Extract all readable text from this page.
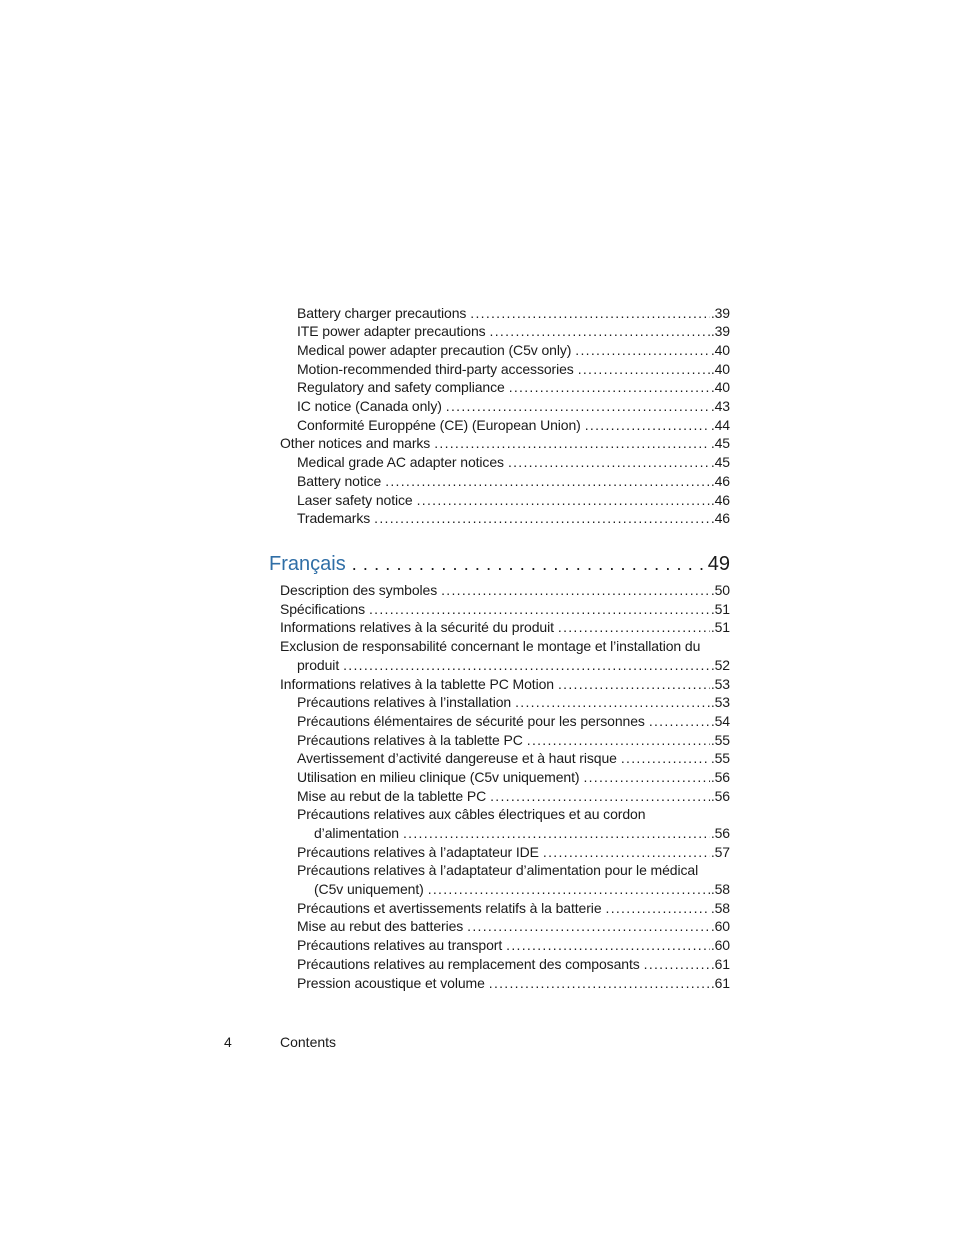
Battery charger precautions . . .	.39
ITE power adapter precautions . . .	.39
Medical power adapter precaution (C5v only) . . .	.40
Motion-recommended third-party accessories . . .	.40
Regulatory and safety compliance . . .	.40
IC notice (Canada only) . . .	.43
Conformité Europpéne (CE) (European Union) . . .	.44
Other notices and marks . . .	.45
Medical grade AC adapter notices . . .	.45
Battery notice . . .	.46
Laser safety notice . . .	.46
Trademarks . . .	.46
Français . . .	49
Description des symboles . . .	.50
Spécifications . . .	.51
Informations relatives à la sécurité du produit . . .	.51
Exclusion de responsabilité concernant le montage et l’installation du
produit . . .	.52
Informations relatives à la tablette PC Motion . . .	.53
Précautions relatives à l’installation . . .	.53
Précautions élémentaires de sécurité pour les personnes . . .	.54
Précautions relatives à la tablette PC . . .	.55
Avertissement d’activité dangereuse et à haut risque . . .	.55
Utilisation en milieu clinique (C5v uniquement) . . .	.56
Mise au rebut de la tablette PC . . .	.56
Précautions relatives aux câbles électriques et au cordon
d’alimentation . . .	.56
Précautions relatives à l’adaptateur IDE . . .	.57
Précautions relatives à l’adaptateur d’alimentation pour le médical
(C5v uniquement) . . .	.58
Précautions et avertissements relatifs à la batterie . . .	.58
Mise au rebut des batteries . . .	.60
Précautions relatives au transport . . .	.60
Précautions relatives au remplacement des composants . . .	.61
Pression acoustique et volume . . .	.61
4	Contents
